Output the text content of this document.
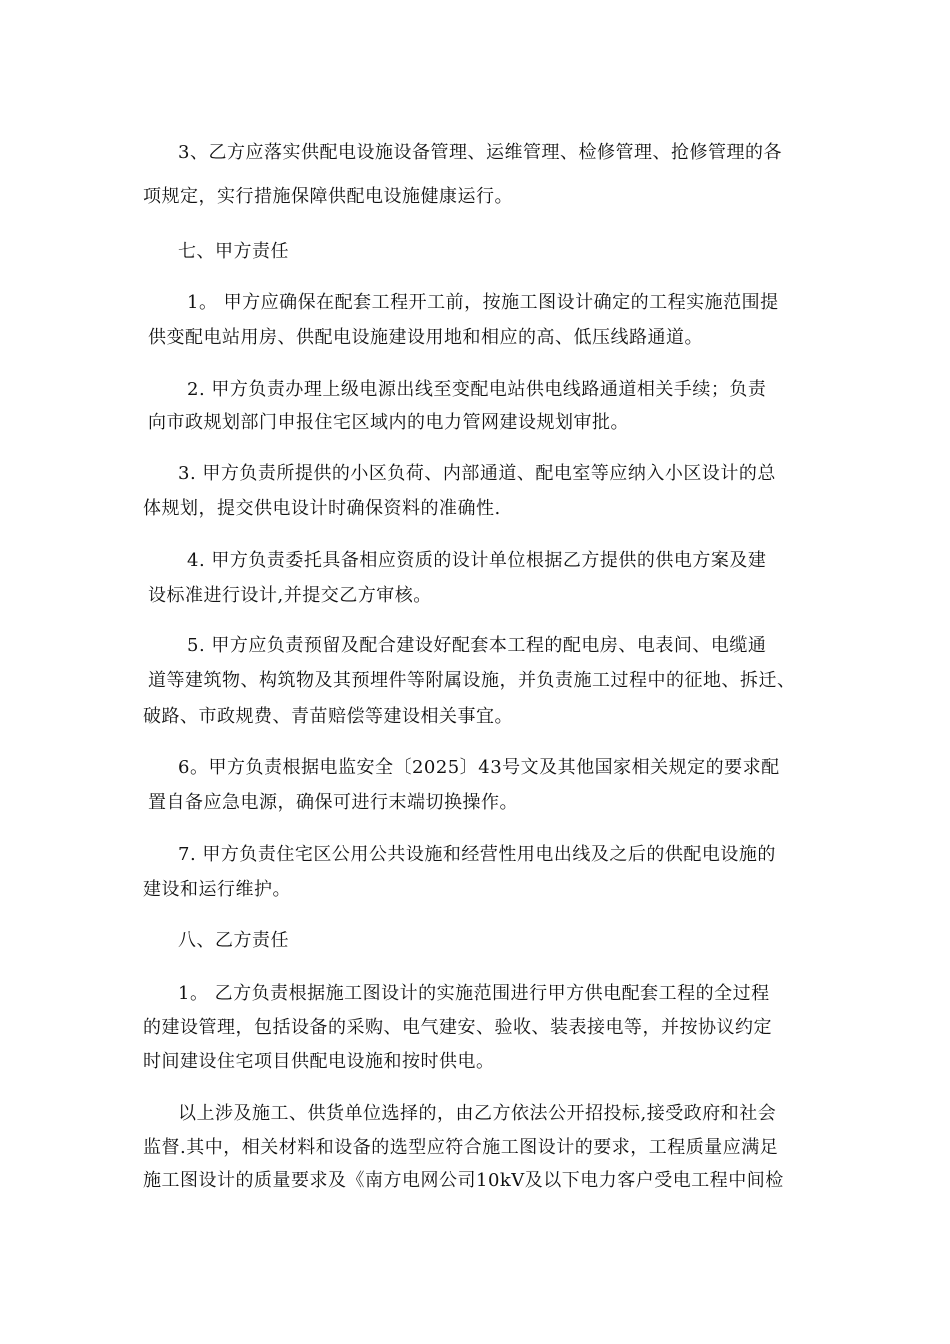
3、乙方应落实供配电设施设备管理、运维管理、检修管理、抢修管理的各
项规定，实行措施保障供配电设施健康运行。
七、甲方责任
1。 甲方应确保在配套工程开工前，按施工图设计确定的工程实施范围提
供变配电站用房、供配电设施建设用地和相应的高、低压线路通道。
2. 甲方负责办理上级电源出线至变配电站供电线路通道相关手续；负责
向市政规划部门申报住宅区域内的电力管网建设规划审批。
3. 甲方负责所提供的小区负荷、内部通道、配电室等应纳入小区设计的总
体规划，提交供电设计时确保资料的准确性.
4. 甲方负责委托具备相应资质的设计单位根据乙方提供的供电方案及建
设标准进行设计,并提交乙方审核。
5. 甲方应负责预留及配合建设好配套本工程的配电房、电表间、电缆通
道等建筑物、构筑物及其预埋件等附属设施，并负责施工过程中的征地、拆迁、
破路、市政规费、青苗赔偿等建设相关事宜。
6。甲方负责根据电监安全〔2025〕43号文及其他国家相关规定的要求配
置自备应急电源，确保可进行末端切换操作。
7. 甲方负责住宅区公用公共设施和经营性用电出线及之后的供配电设施的
建设和运行维护。
八、乙方责任
1。 乙方负责根据施工图设计的实施范围进行甲方供电配套工程的全过程
的建设管理，包括设备的采购、电气建安、验收、装表接电等，并按协议约定
时间建设住宅项目供配电设施和按时供电。
以上涉及施工、供货单位选择的，由乙方依法公开招投标,接受政府和社会
监督.其中，相关材料和设备的选型应符合施工图设计的要求，工程质量应满足
施工图设计的质量要求及《南方电网公司10kV及以下电力客户受电工程中间检
